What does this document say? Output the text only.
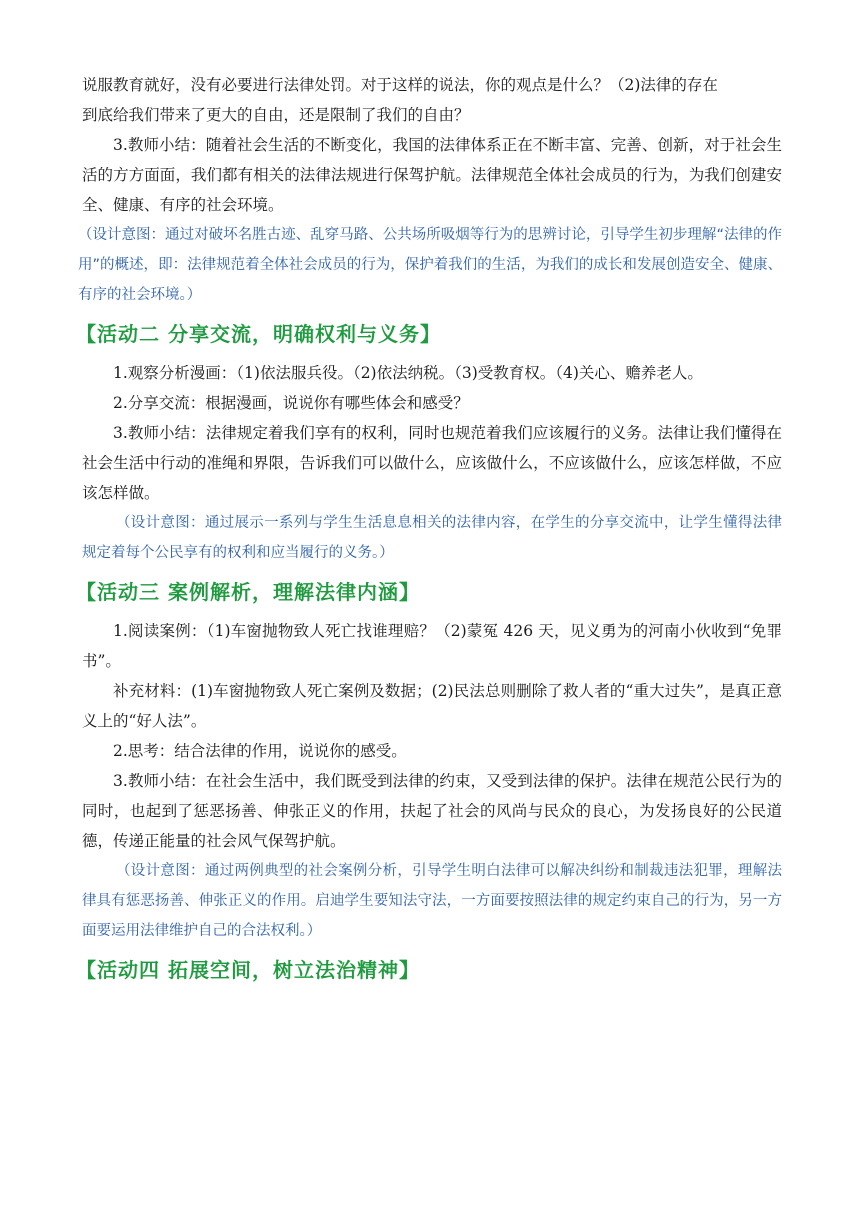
说服教育就好，没有必要进行法律处罚。对于这样的说法，你的观点是什么？（2)法律的存在

到底给我们带来了更大的自由，还是限制了我们的自由？

3.教师小结：随着社会生活的不断变化，我国的法律体系正在不断丰富、完善、创新，对于社会生活的方方面面，我们都有相关的法律法规进行保驾护航。法律规范全体社会成员的行为，为我们创建安全、健康、有序的社会环境。

（设计意图：通过对破坏名胜古迹、乱穿马路、公共场所吸烟等行为的思辨讨论，引导学生初步理解“法律的作用”的概述，即：法律规范着全体社会成员的行为，保护着我们的生活，为我们的成长和发展创造安全、健康、有序的社会环境。）

【活动二 分享交流，明确权利与义务】

1.观察分析漫画：（1)依法服兵役。（2)依法纳税。（3)受教育权。（4)关心、赡养老人。

2.分享交流：根据漫画，说说你有哪些体会和感受？

3.教师小结：法律规定着我们享有的权利，同时也规范着我们应该履行的义务。法律让我们懂得在社会生活中行动的准绳和界限，告诉我们可以做什么，应该做什么，不应该做什么，应该怎样做，不应该怎样做。

（设计意图：通过展示一系列与学生生活息息相关的法律内容，在学生的分享交流中，让学生懂得法律规定着每个公民享有的权利和应当履行的义务。）

【活动三 案例解析，理解法律内涵】

1.阅读案例：（1)车窗抛物致人死亡找谁理赔？（2)蒙冤 426 天，见义勇为的河南小伙收到“免罪书”。

补充材料：(1)车窗抛物致人死亡案例及数据；(2)民法总则删除了救人者的“重大过失”，是真正意义上的“好人法”。

2.思考：结合法律的作用，说说你的感受。

3.教师小结：在社会生活中，我们既受到法律的约束，又受到法律的保护。法律在规范公民行为的同时，也起到了惩恶扬善、伸张正义的作用，扶起了社会的风尚与民众的良心，为发扬良好的公民道德，传递正能量的社会风气保驾护航。

（设计意图：通过两例典型的社会案例分析，引导学生明白法律可以解决纠纷和制裁违法犯罪，理解法律具有惩恶扬善、伸张正义的作用。启迪学生要知法守法，一方面要按照法律的规定约束自己的行为，另一方面要运用法律维护自己的合法权利。）

【活动四 拓展空间，树立法治精神】
